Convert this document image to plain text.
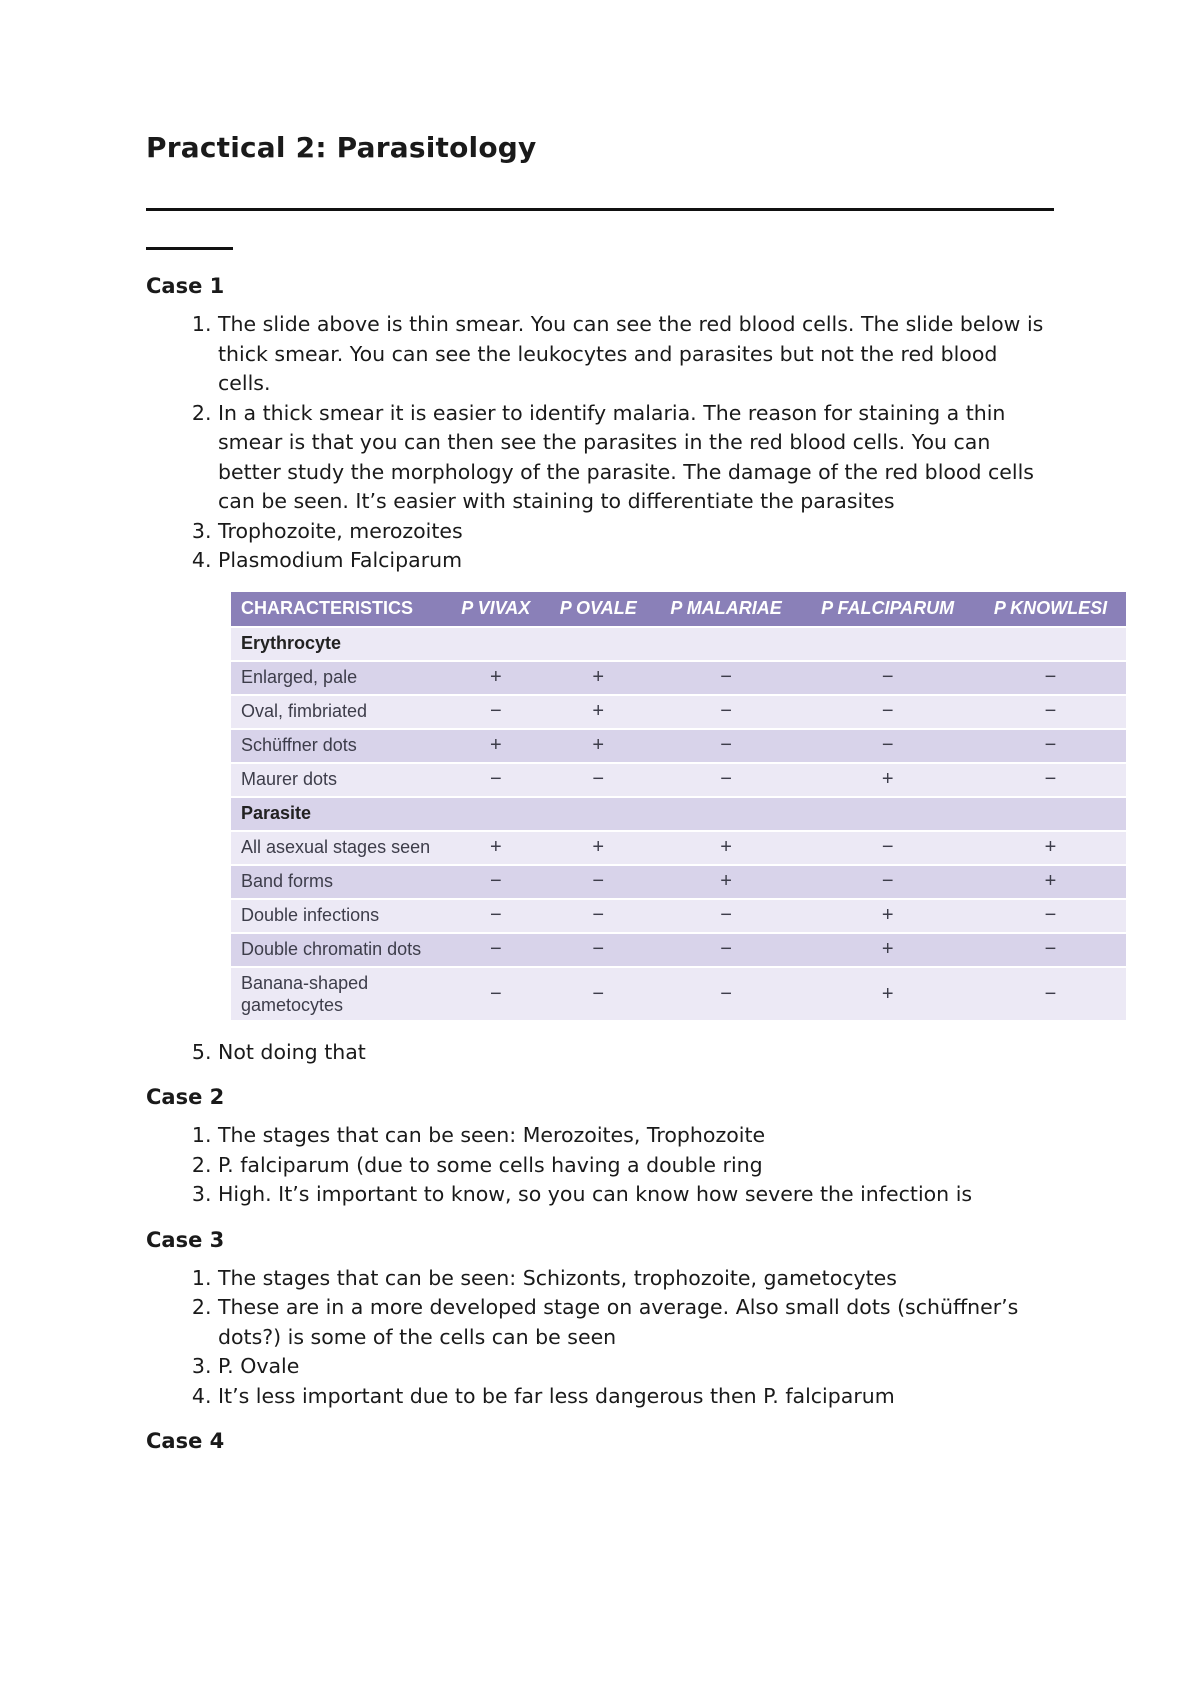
Practical 2: Parasitology
Case 1
1. The slide above is thin smear. You can see the red blood cells. The slide below is thick smear. You can see the leukocytes and parasites but not the red blood cells.
2. In a thick smear it is easier to identify malaria. The reason for staining a thin smear is that you can then see the parasites in the red blood cells. You can better study the morphology of the parasite. The damage of the red blood cells can be seen. It’s easier with staining to differentiate the parasites
3. Trophozoite, merozoites
4. Plasmodium Falciparum
CHARACTERISTICS	P VIVAX	P OVALE	P MALARIAE	P FALCIPARUM	P KNOWLESI
Erythrocyte					
Enlarged, pale	+	+	−	−	−
Oval, fimbriated	−	+	−	−	−
Schüffner dots	+	+	−	−	−
Maurer dots	−	−	−	+	−
Parasite					
All asexual stages seen	+	+	+	−	+
Band forms	−	−	+	−	+
Double infections	−	−	−	+	−
Double chromatin dots	−	−	−	+	−
Banana-shaped gametocytes	−	−	−	+	−
5. Not doing that
Case 2
1. The stages that can be seen: Merozoites, Trophozoite
2. P. falciparum (due to some cells having a double ring
3. High. It’s important to know, so you can know how severe the infection is
Case 3
1. The stages that can be seen: Schizonts, trophozoite, gametocytes
2. These are in a more developed stage on average. Also small dots (schüffner’s dots?) is some of the cells can be seen
3. P. Ovale
4. It’s less important due to be far less dangerous then P. falciparum
Case 4
